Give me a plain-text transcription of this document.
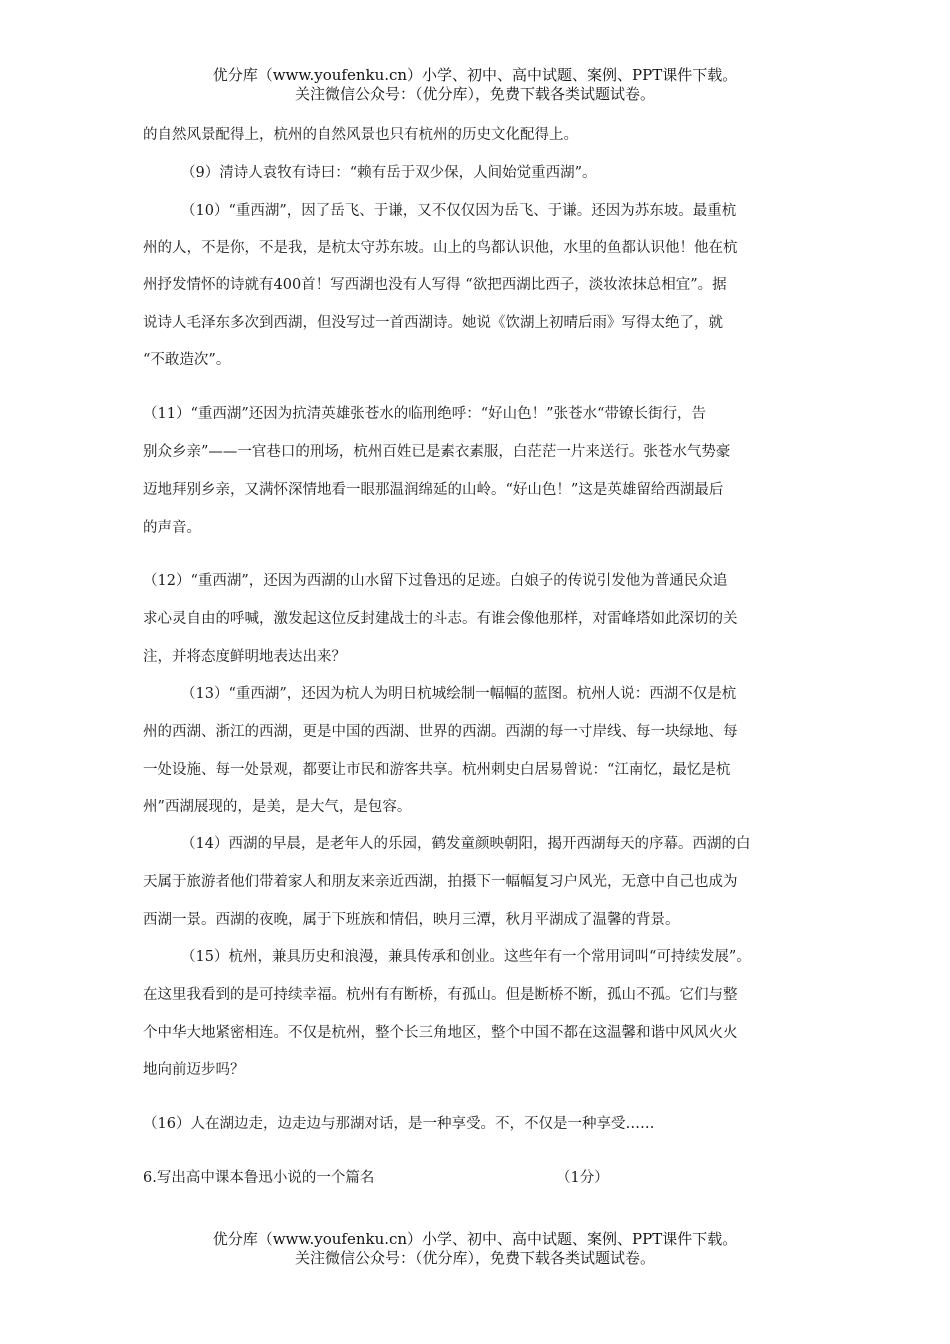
优分库（www.youfenku.cn）小学、初中、高中试题、案例、PPT课件下载。
关注微信公众号：（优分库），免费下载各类试题试卷。
的自然风景配得上，杭州的自然风景也只有杭州的历史文化配得上。
（9）清诗人袁牧有诗曰：“赖有岳于双少保，人间始觉重西湖”。
（10）“重西湖”，因了岳飞、于谦，又不仅仅因为岳飞、于谦。还因为苏东坡。最重杭
州的人，不是你，不是我，是杭太守苏东坡。山上的鸟都认识他，水里的鱼都认识他！他在杭
州抒发情怀的诗就有400首！写西湖也没有人写得 “欲把西湖比西子，淡妆浓抹总相宜”。据
说诗人毛泽东多次到西湖，但没写过一首西湖诗。她说《饮湖上初晴后雨》写得太绝了，就
“不敢造次”。
（11）“重西湖”还因为抗清英雄张苍水的临刑绝呼：“好山色！”张苍水“带镣长街行，告
别众乡亲”——一官巷口的刑场，杭州百姓已是素衣素服，白茫茫一片来送行。张苍水气势豪
迈地拜别乡亲，又满怀深情地看一眼那温润绵延的山岭。“好山色！”这是英雄留给西湖最后
的声音。
（12）“重西湖”，还因为西湖的山水留下过鲁迅的足迹。白娘子的传说引发他为普通民众追
求心灵自由的呼喊，激发起这位反封建战士的斗志。有谁会像他那样，对雷峰塔如此深切的关
注，并将态度鲜明地表达出来？
（13）“重西湖”，还因为杭人为明日杭城绘制一幅幅的蓝图。杭州人说：西湖不仅是杭
州的西湖、浙江的西湖，更是中国的西湖、世界的西湖。西湖的每一寸岸线、每一块绿地、每
一处设施、每一处景观，都要让市民和游客共享。杭州刺史白居易曾说：“江南忆，最忆是杭
州”西湖展现的，是美，是大气，是包容。
（14）西湖的早晨，是老年人的乐园，鹤发童颜映朝阳，揭开西湖每天的序幕。西湖的白
天属于旅游者他们带着家人和朋友来亲近西湖，拍摄下一幅幅复习户风光，无意中自己也成为
西湖一景。西湖的夜晚，属于下班族和情侣，映月三潭，秋月平湖成了温馨的背景。
（15）杭州，兼具历史和浪漫，兼具传承和创业。这些年有一个常用词叫“可持续发展”。
在这里我看到的是可持续幸福。杭州有有断桥，有孤山。但是断桥不断，孤山不孤。它们与整
个中华大地紧密相连。不仅是杭州，整个长三角地区，整个中国不都在这温馨和谐中风风火火
地向前迈步吗？
（16）人在湖边走，边走边与那湖对话，是一种享受。不，不仅是一种享受……
6.写出高中课本鲁迅小说的一个篇名	（1分）
优分库（www.youfenku.cn）小学、初中、高中试题、案例、PPT课件下载。
关注微信公众号：（优分库），免费下载各类试题试卷。
